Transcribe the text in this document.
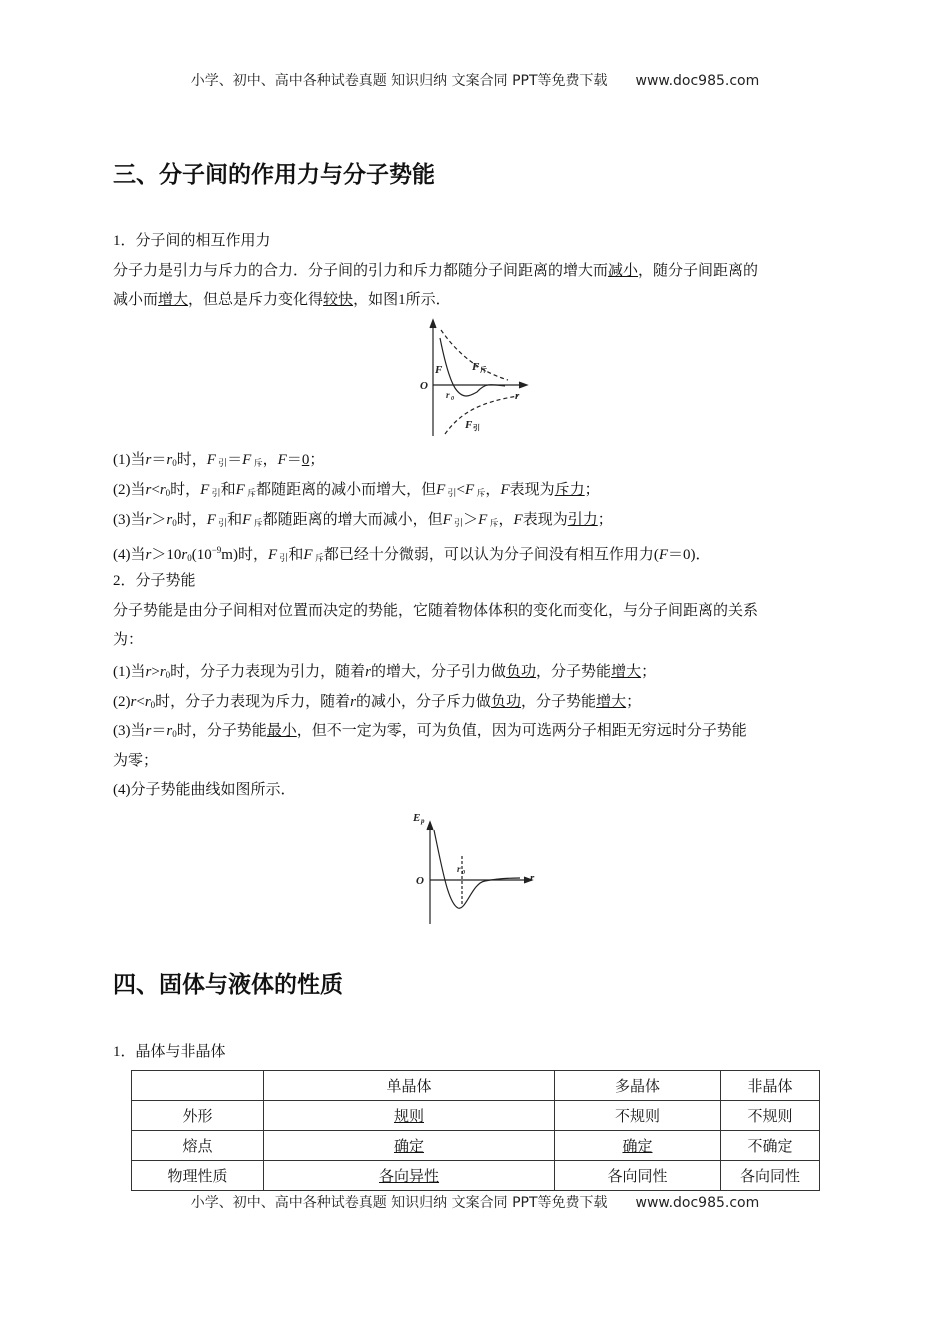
小学、初中、高中各种试卷真题 知识归纳 文案合同 PPT等免费下载 www.doc985.com
三、分子间的作用力与分子势能
1．分子间的相互作用力
分子力是引力与斥力的合力．分子间的引力和斥力都随分子间距离的增大而减小，随分子间距离的
减小而增大，但总是斥力变化得较快，如图1所示．
(1)当r＝r0时，F 引＝F 斥，F＝0；
(2)当r<r0时，F 引和F 斥都随距离的减小而增大，但F 引<F 斥，F表现为斥力；
(3)当r＞r0时，F 引和F 斥都随距离的增大而减小，但F 引＞F 斥，F表现为引力；
(4)当$r>10r0(10^{-9}m)$时，F 引和F 斥都已经十分微弱，可以认为分子间没有相互作用力(F＝0)．
2．分子势能
分子势能是由分子间相对位置而决定的势能，它随着物体体积的变化而变化，与分子间距离的关系
为：
(1)当r>r0时，分子力表现为引力，随着r的增大，分子引力做负功，分子势能增大；
(2)r<r0时，分子力表现为斥力，随着r的减小，分子斥力做负功，分子势能增大；
(3)当r＝r0时，分子势能最小，但不一定为零，可为负值，因为可选两分子相距无穷远时分子势能
为零；
(4)分子势能曲线如图所示．
1．晶体与非晶体
O
F	F 斥
F 引
r 0	r
四、固体与液体的性质
E p
O
r 0	r
	单晶体	多晶体	非晶体
外形	规则	不规则	不规则
熔点	确定	确定	不确定
物理性质	各向异性	各向同性	各向同性
小学、初中、高中各种试卷真题 知识归纳 文案合同 PPT等免费下载 www.doc985.com
